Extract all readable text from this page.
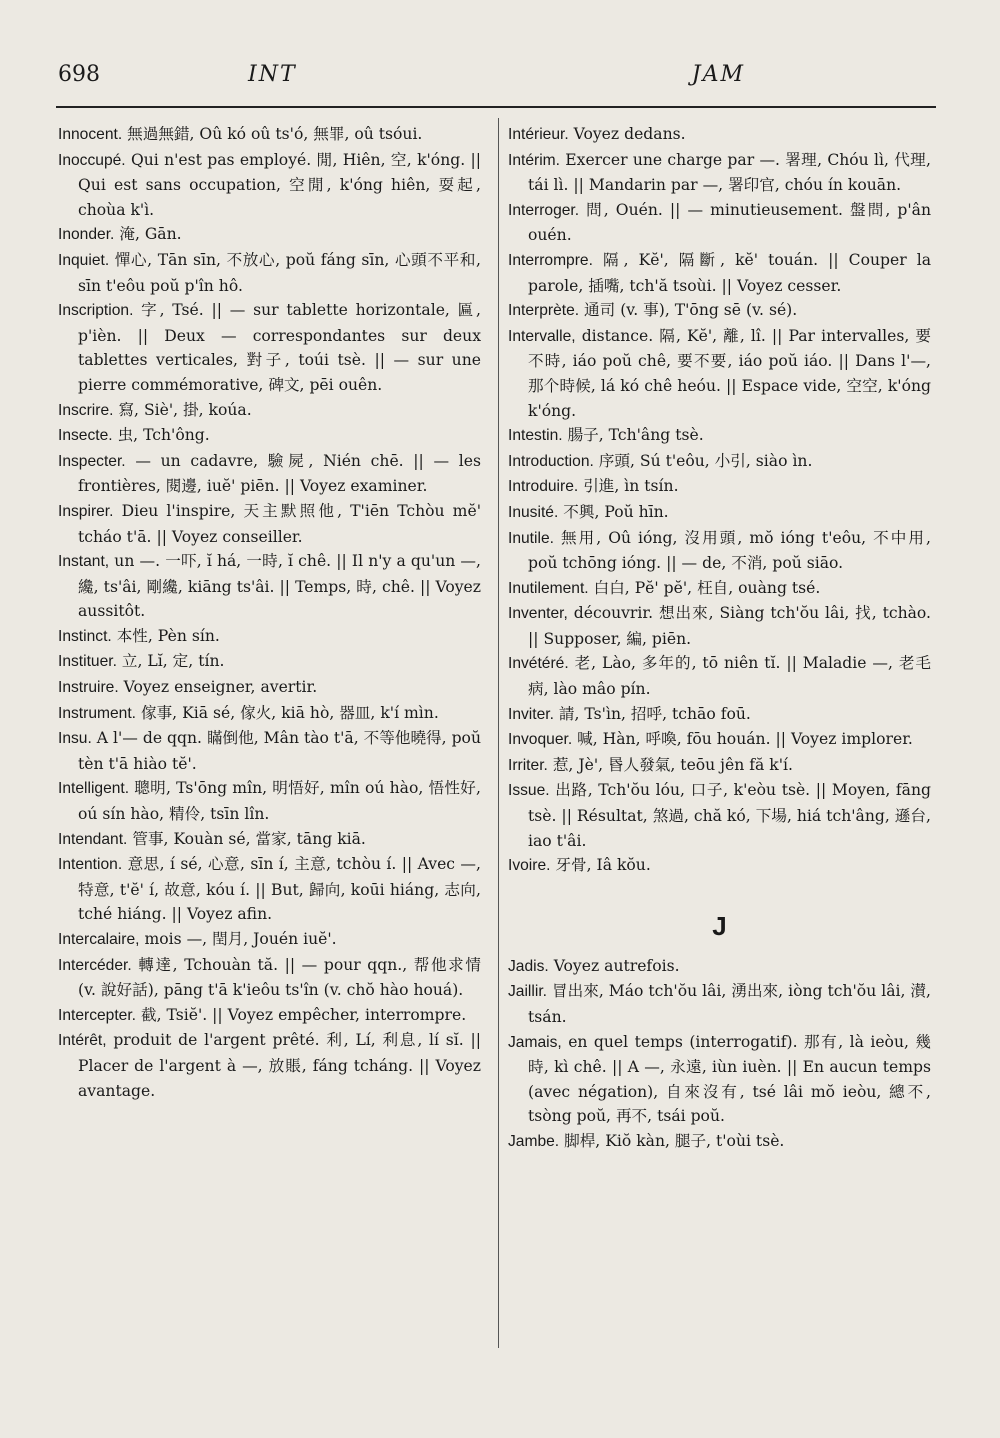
698	INT	JAM
Innocent. 無過無錯, Oû kó oû ts'ó, 無罪, oû tsóui.
Inoccupé. Qui n'est pas employé. 閒, Hiên, 空, k'óng. || Qui est sans occupation, 空閒, k'óng hiên, 耍起, choùa k'ì.
Inonder. 淹, Gān.
Inquiet. 憚心, Tān sīn, 不放心, poŭ fáng sīn, 心頭不平和, sīn t'eôu poŭ p'în hô.
Inscription. 字, Tsé. || — sur tablette horizontale, 匾, p'ièn. || Deux — correspondantes sur deux tablettes verticales, 對子, toúi tsè. || — sur une pierre commémorative, 碑文, pēi ouên.
Inscrire. 寫, Siè', 掛, koúa.
Insecte. 虫, Tch'ông.
Inspecter. — un cadavre, 驗屍, Nién chē. || — les frontières, 閱邊, iuĕ' piēn. || Voyez examiner.
Inspirer. Dieu l'inspire, 天主默照他, T'iēn Tchòu mĕ' tcháo t'ā. || Voyez conseiller.
Instant, un —. 一吓, ĭ há, 一時, ĭ chê. || Il n'y a qu'un —, 纔, ts'âi, 剛纔, kiāng ts'âi. || Temps, 時, chê. || Voyez aussitôt.
Instinct. 本性, Pèn sín.
Instituer. 立, Lĭ, 定, tín.
Instruire. Voyez enseigner, avertir.
Instrument. 傢事, Kiā sé, 傢火, kiā hò, 器皿, k'í mìn.
Insu. A l'— de qqn. 瞞倒他, Mân tào t'ā, 不等他曉得, poŭ tèn t'ā hiào tĕ'.
Intelligent. 聰明, Ts'ōng mîn, 明悟好, mîn oú hào, 悟性好, oú sín hào, 精伶, tsīn lîn.
Intendant. 管事, Kouàn sé, 當家, tāng kiā.
Intention. 意思, í sé, 心意, sīn í, 主意, tchòu í. || Avec —, 特意, t'ĕ' í, 故意, kóu í. || But, 歸向, koūi hiáng, 志向, tché hiáng. || Voyez afin.
Intercalaire, mois —, 閏月, Jouén iuĕ'.
Intercéder. 轉達, Tchouàn tă. || — pour qqn., 帮他求情 (v. 說好話), pāng t'ā k'ieôu ts'în (v. chŏ hào houá).
Intercepter. 截, Tsiĕ'. || Voyez empêcher, interrompre.
Intérêt, produit de l'argent prêté. 利, Lí, 利息, lí sĭ. || Placer de l'argent à —, 放賬, fáng tcháng. || Voyez avantage.
Intérieur. Voyez dedans.
Intérim. Exercer une charge par —. 署理, Chóu lì, 代理, tái lì. || Mandarin par —, 署印官, chóu ín kouān.
Interroger. 問, Ouén. || — minutieusement. 盤問, p'ân ouén.
Interrompre. 隔, Kĕ', 隔斷, kĕ' touán. || Couper la parole, 插嘴, tch'ă tsoùi. || Voyez cesser.
Interprète. 通司 (v. 事), T'ōng sē (v. sé).
Intervalle, distance. 隔, Kĕ', 離, lî. || Par intervalles, 要不時, iáo poŭ chê, 要不要, iáo poŭ iáo. || Dans l'—, 那个時候, lá kó chê heóu. || Espace vide, 空空, k'óng k'óng.
Intestin. 腸子, Tch'âng tsè.
Introduction. 序頭, Sú t'eôu, 小引, siào ìn.
Introduire. 引進, ìn tsín.
Inusité. 不興, Poŭ hīn.
Inutile. 無用, Oû ióng, 沒用頭, mŏ ióng t'eôu, 不中用, poŭ tchōng ióng. || — de, 不消, poŭ siāo.
Inutilement. 白白, Pĕ' pĕ', 枉自, ouàng tsé.
Inventer, découvrir. 想出來, Siàng tch'ŏu lâi, 找, tchào. || Supposer, 編, piēn.
Invétéré. 老, Lào, 多年的, tō niên tĭ. || Maladie —, 老毛病, lào mâo pín.
Inviter. 請, Ts'ìn, 招呼, tchāo foū.
Invoquer. 喊, Hàn, 呼喚, fōu houán. || Voyez implorer.
Irriter. 惹, Jè', 昬人發氣, teōu jên fă k'í.
Issue. 出路, Tch'ŏu lóu, 口子, k'eòu tsè. || Moyen, fāng tsè. || Résultat, 煞過, chă kó, 下場, hiá tch'âng, 遜台, iao t'âi.
Ivoire. 牙骨, Iâ kŏu.
J
Jadis. Voyez autrefois.
Jaillir. 冒出來, Máo tch'ŏu lâi, 湧出來, iòng tch'ŏu lâi, 濽, tsán.
Jamais, en quel temps (interrogatif). 那有, là ieòu, 幾時, kì chê. || A —, 永遠, iùn iuèn. || En aucun temps (avec négation), 自來沒有, tsé lâi mŏ ieòu, 總不, tsòng poŭ, 再不, tsái poŭ.
Jambe. 脚桿, Kiŏ kàn, 腿子, t'oùi tsè.
